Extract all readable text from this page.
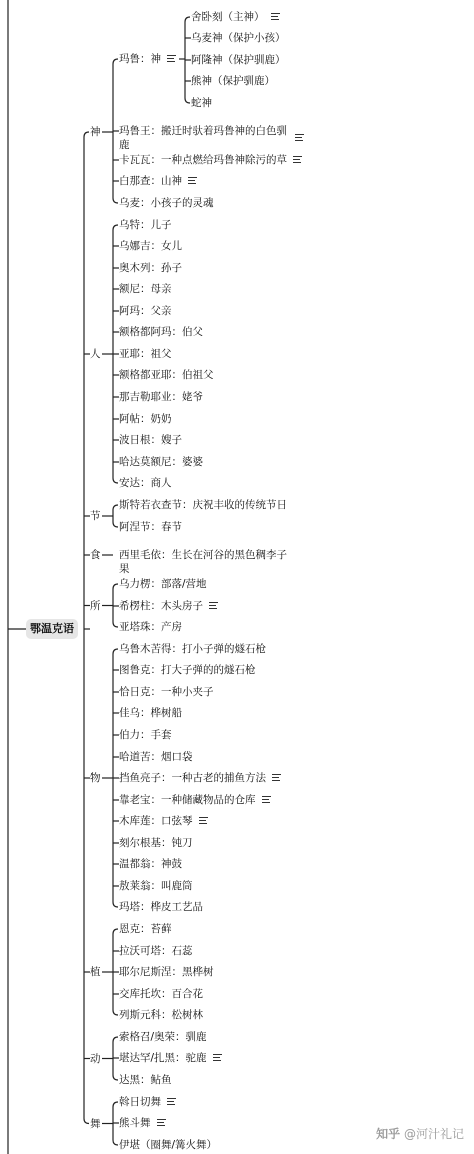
鄂温克语
神
玛鲁：神
舍卧刻（主神）
乌麦神（保护小孩）
阿隆神（保护驯鹿）
熊神（保护驯鹿）
蛇神
玛鲁王：搬迁时驮着玛鲁神的白色驯鹿
卡瓦瓦：一种点燃给玛鲁神除污的草
白那查：山神
乌麦：小孩子的灵魂
人
乌特：儿子
乌娜吉：女儿
奥木列：孙子
额尼：母亲
阿玛：父亲
额格都阿玛：伯父
亚耶：祖父
额格都亚耶：伯祖父
那吉勒耶业：姥爷
阿帖：奶奶
波日根：嫂子
哈达莫额尼：婆婆
安达：商人
节
斯特若衣查节：庆祝丰收的传统节日
阿涅节：春节
食 西里毛依：生长在河谷的黑色稠李子果
所
乌力楞：部落/营地
希楞柱：木头房子
亚塔珠：产房
物
乌鲁木苦得：打小子弹的燧石枪
图鲁克：打大子弹的的燧石枪
恰日克：一种小夹子
佳乌：桦树船
伯力：手套
哈道苦：烟口袋
挡鱼亮子：一种古老的捕鱼方法
靠老宝：一种储藏物品的仓库
木库莲：口弦琴
刻尔根基：钝刀
温都翁：神鼓
敖莱翁：叫鹿筒
玛塔：桦皮工艺品
植
恩克：苔藓
拉沃可塔：石蕊
耶尔尼斯涅：黑桦树
交库托坎：百合花
列斯元科：松树林
动
索格召/奥荣：驯鹿
堪达罕/扎黑：驼鹿
达黑：鲇鱼
舞
斡日切舞
熊斗舞
伊堪（圈舞/篝火舞）
知乎 @河汁礼记
